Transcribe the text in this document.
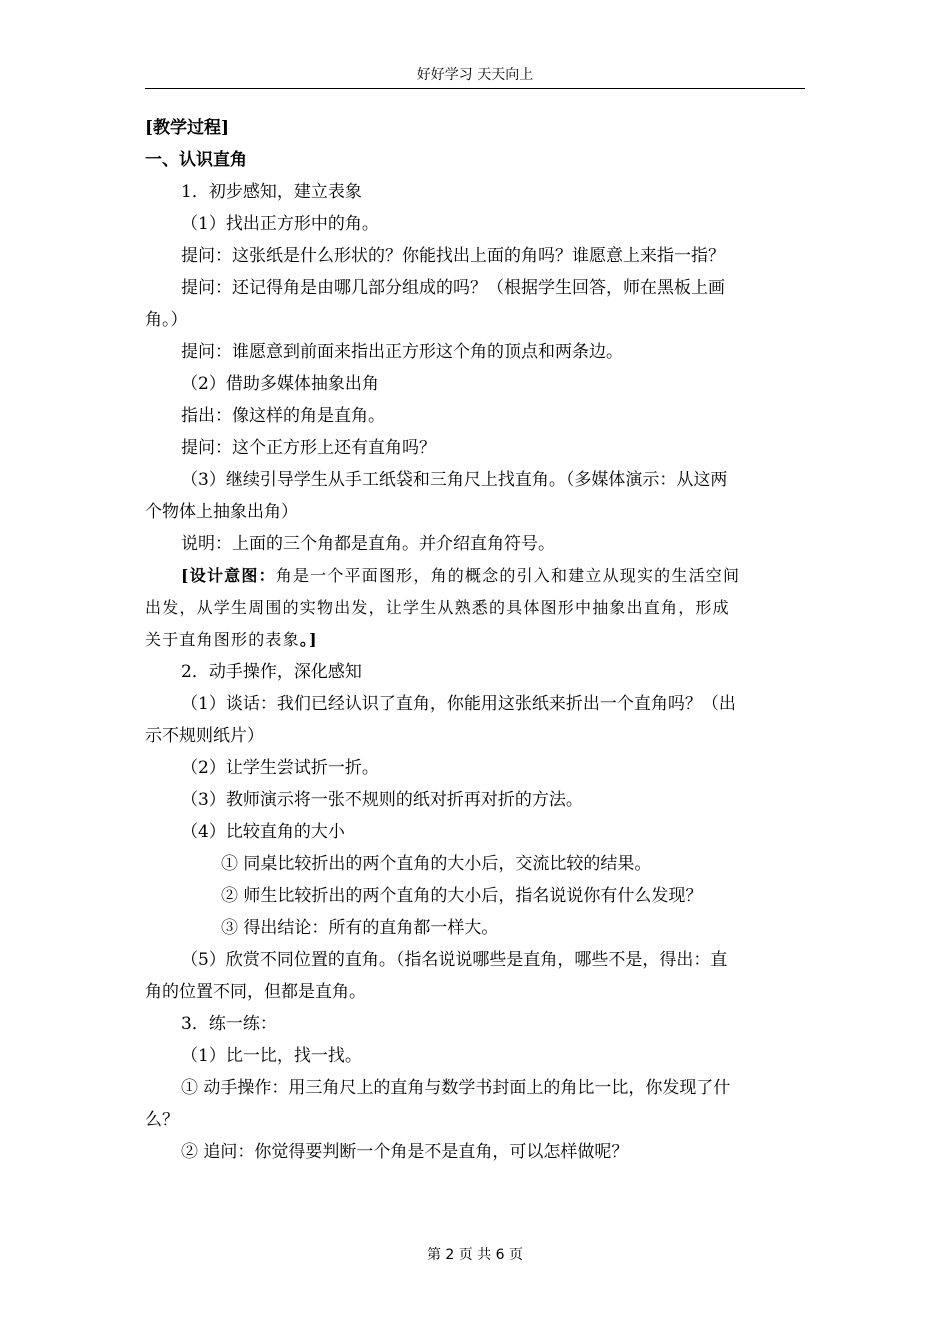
好好学习 天天向上
[教学过程]
一、认识直角
1．初步感知，建立表象
（1）找出正方形中的角。
提问：这张纸是什么形状的？你能找出上面的角吗？谁愿意上来指一指？
提问：还记得角是由哪几部分组成的吗？（根据学生回答，师在黑板上画
角。）
提问：谁愿意到前面来指出正方形这个角的顶点和两条边。
（2）借助多媒体抽象出角
指出：像这样的角是直角。
提问：这个正方形上还有直角吗？
（3）继续引导学生从手工纸袋和三角尺上找直角。（多媒体演示：从这两
个物体上抽象出角）
说明：上面的三个角都是直角。并介绍直角符号。
[设计意图：角是一个平面图形，角的概念的引入和建立从现实的生活空间
出发，从学生周围的实物出发，让学生从熟悉的具体图形中抽象出直角，形成
关于直角图形的表象。]
2．动手操作，深化感知
（1）谈话：我们已经认识了直角，你能用这张纸来折出一个直角吗？（出
示不规则纸片）
（2）让学生尝试折一折。
（3）教师演示将一张不规则的纸对折再对折的方法。
（4）比较直角的大小
① 同桌比较折出的两个直角的大小后，交流比较的结果。
② 师生比较折出的两个直角的大小后，指名说说你有什么发现？
③ 得出结论：所有的直角都一样大。
（5）欣赏不同位置的直角。（指名说说哪些是直角，哪些不是，得出：直
角的位置不同，但都是直角。
3．练一练：
（1）比一比，找一找。
① 动手操作：用三角尺上的直角与数学书封面上的角比一比，你发现了什
么？
② 追问：你觉得要判断一个角是不是直角，可以怎样做呢？
第 2 页 共 6 页
